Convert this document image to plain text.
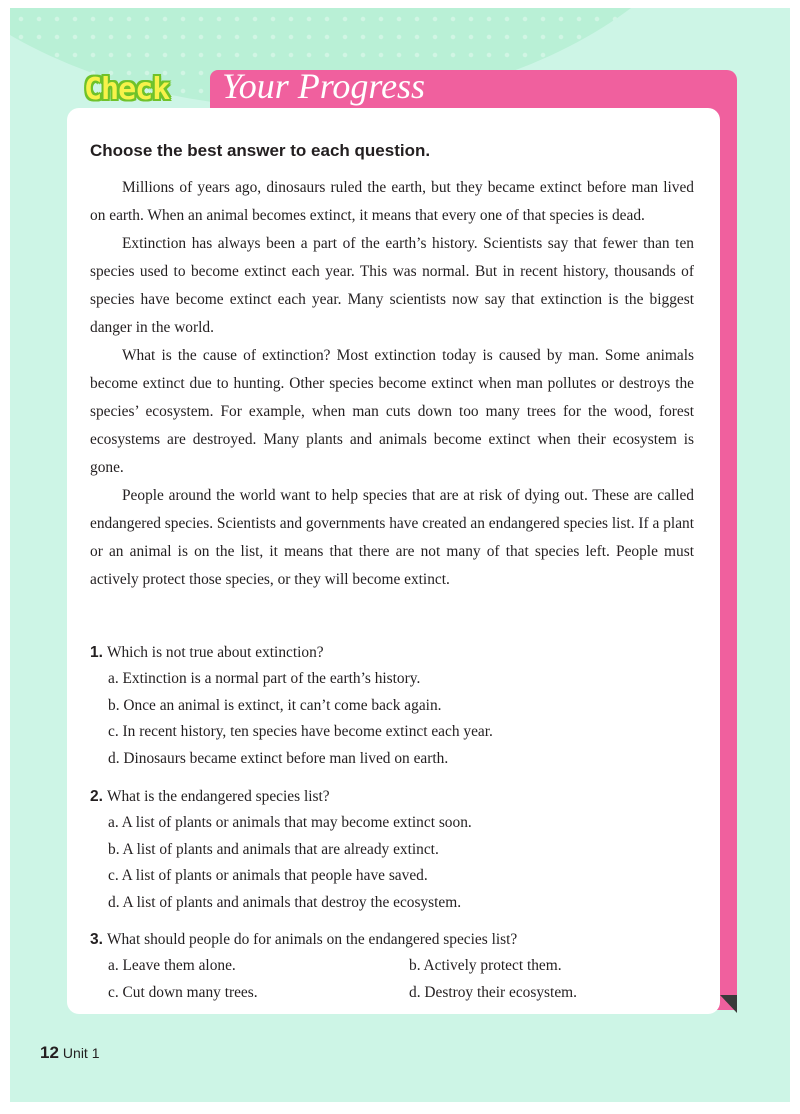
Check Your Progress
Choose the best answer to each question.

Millions of years ago, dinosaurs ruled the earth, but they became extinct before man lived on earth. When an animal becomes extinct, it means that every one of that species is dead.

Extinction has always been a part of the earth’s history. Scientists say that fewer than ten species used to become extinct each year. This was normal. But in recent history, thousands of species have become extinct each year. Many scientists now say that extinction is the biggest danger in the world.

What is the cause of extinction? Most extinction today is caused by man. Some animals become extinct due to hunting. Other species become extinct when man pollutes or destroys the species’ ecosystem. For example, when man cuts down too many trees for the wood, forest ecosystems are destroyed. Many plants and animals become extinct when their ecosystem is gone.

People around the world want to help species that are at risk of dying out. These are called endangered species. Scientists and governments have created an endangered species list. If a plant or an animal is on the list, it means that there are not many of that species left. People must actively protect those species, or they will become extinct.

1. Which is not true about extinction?
a. Extinction is a normal part of the earth’s history.
b. Once an animal is extinct, it can’t come back again.
c. In recent history, ten species have become extinct each year.
d. Dinosaurs became extinct before man lived on earth.
2. What is the endangered species list?
a. A list of plants or animals that may become extinct soon.
b. A list of plants and animals that are already extinct.
c. A list of plants or animals that people have saved.
d. A list of plants and animals that destroy the ecosystem.
3. What should people do for animals on the endangered species list?
a. Leave them alone.	b. Actively protect them.
c. Cut down many trees.	d. Destroy their ecosystem.
12 Unit 1
